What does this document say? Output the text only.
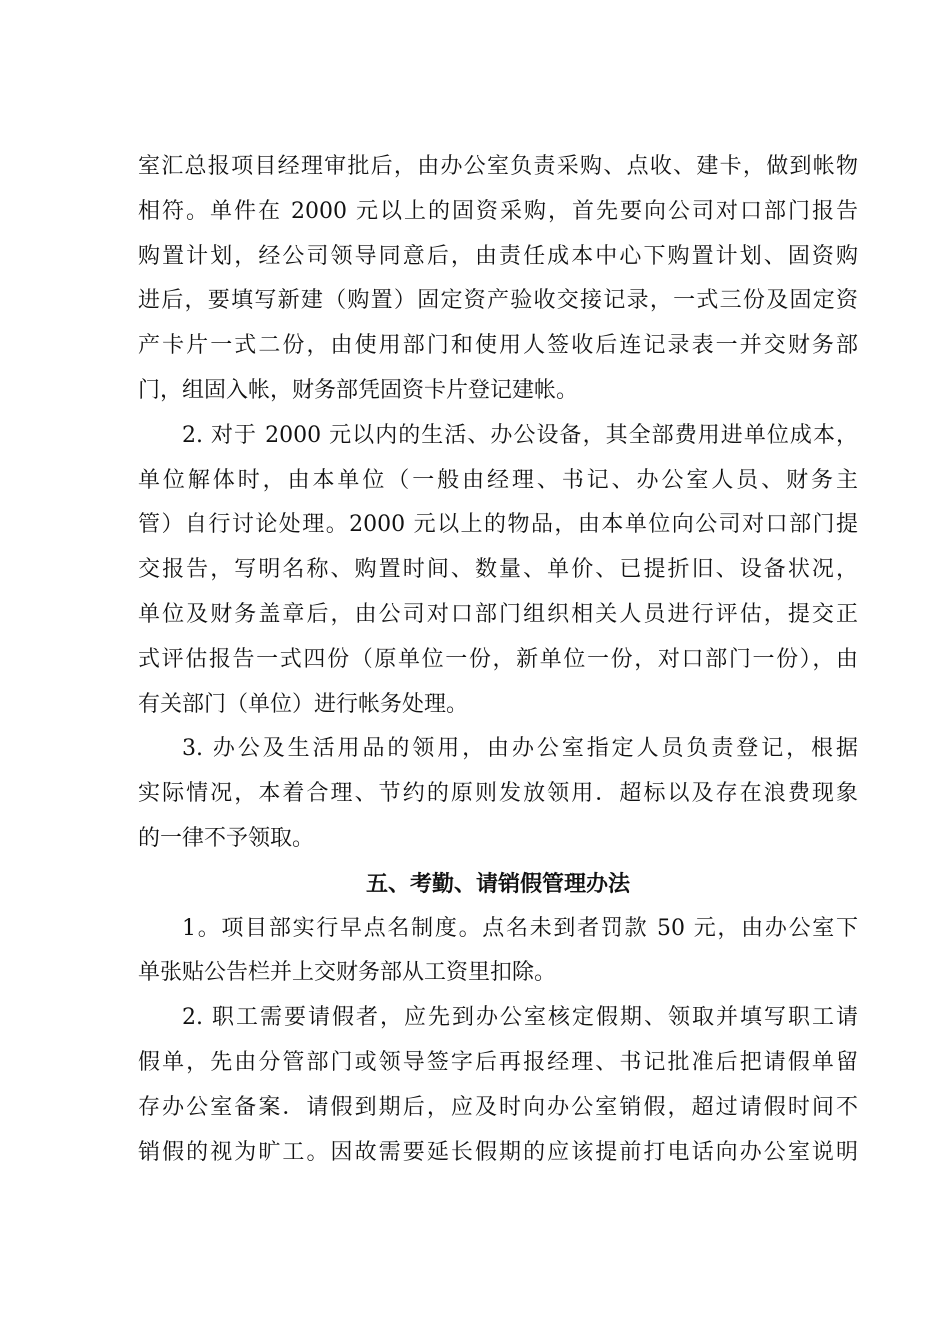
室汇总报项目经理审批后，由办公室负责采购、点收、建卡，做到帐物
相符。单件在 2000 元以上的固资采购，首先要向公司对口部门报告
购置计划，经公司领导同意后，由责任成本中心下购置计划、固资购
进后，要填写新建（购置）固定资产验收交接记录，一式三份及固定资
产卡片一式二份，由使用部门和使用人签收后连记录表一并交财务部
门，组固入帐，财务部凭固资卡片登记建帐。
2. 对于 2000 元以内的生活、办公设备，其全部费用进单位成本，
单位解体时，由本单位（一般由经理、书记、办公室人员、财务主
管）自行讨论处理。2000 元以上的物品，由本单位向公司对口部门提
交报告，写明名称、购置时间、数量、单价、已提折旧、设备状况，
单位及财务盖章后，由公司对口部门组织相关人员进行评估，提交正
式评估报告一式四份（原单位一份，新单位一份，对口部门一份），由
有关部门（单位）进行帐务处理。
3. 办公及生活用品的领用，由办公室指定人员负责登记，根据
实际情况，本着合理、节约的原则发放领用．超标以及存在浪费现象
的一律不予领取。
五、考勤、请销假管理办法
1。项目部实行早点名制度。点名未到者罚款 50 元，由办公室下
单张贴公告栏并上交财务部从工资里扣除。
2. 职工需要请假者，应先到办公室核定假期、领取并填写职工请
假单，先由分管部门或领导签字后再报经理、书记批准后把请假单留
存办公室备案．请假到期后，应及时向办公室销假，超过请假时间不
销假的视为旷工。因故需要延长假期的应该提前打电话向办公室说明
